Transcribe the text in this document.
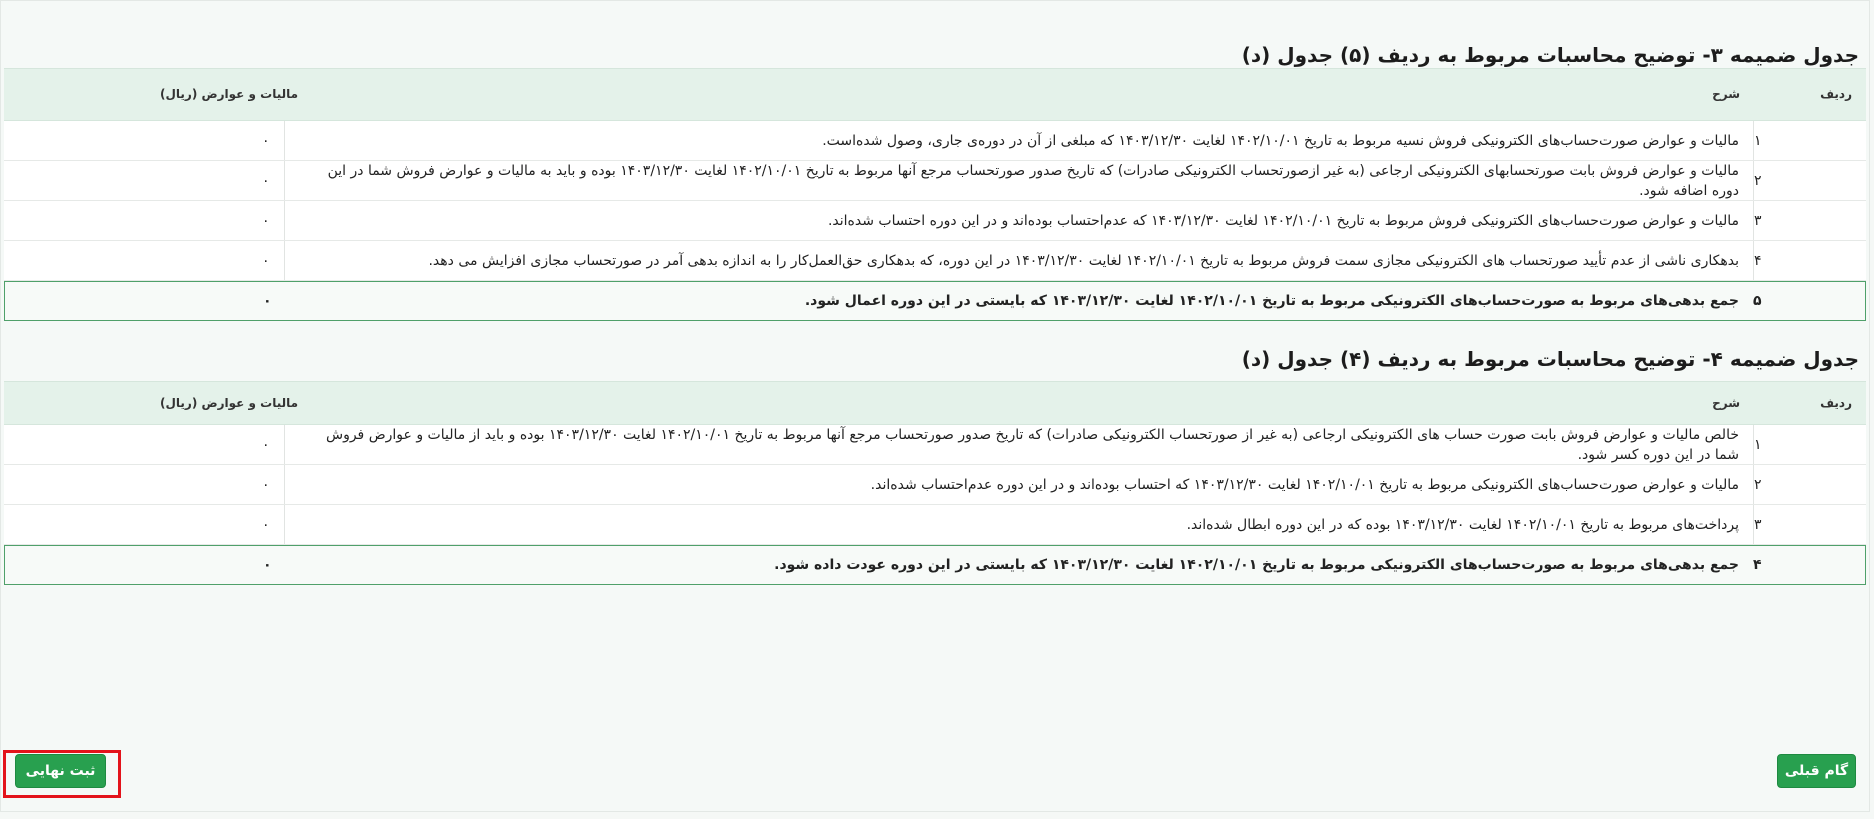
جدول ضمیمه ۳- توضیح محاسبات مربوط به ردیف (۵) جدول (د)
ردیف
شرح
مالیات و عوارض (ریال)
۱
مالیات و عوارض صورت‌حساب‌های الکترونیکی فروش نسیه مربوط به تاریخ ۱۴۰۲/۱۰/۰۱ لغایت ۱۴۰۳/۱۲/۳۰ که مبلغی از آن در دوره‌ی جاری، وصول شده‌است.
۰
۲
مالیات و عوارض فروش بابت صورتحسابهای الکترونیکی ارجاعی (به غیر ازصورتحساب الکترونیکی صادرات) که تاریخ صدور صورتحساب مرجع آنها مربوط به تاریخ ۱۴۰۲/۱۰/۰۱ لغایت ۱۴۰۳/۱۲/۳۰ بوده و باید به مالیات و عوارض فروش شما در این دوره اضافه شود.
۰
۳
مالیات و عوارض صورت‌حساب‌های الکترونیکی فروش مربوط به تاریخ ۱۴۰۲/۱۰/۰۱ لغایت ۱۴۰۳/۱۲/۳۰ که عدم‌احتساب بوده‌اند و در این دوره احتساب شده‌اند.
۰
۴
بدهکاری ناشی از عدم تأیید صورتحساب های الکترونیکی مجازی سمت فروش مربوط به تاریخ ۱۴۰۲/۱۰/۰۱ لغایت ۱۴۰۳/۱۲/۳۰ در این دوره، که بدهکاری حق‌العمل‌کار را به اندازه بدهی آمر در صورتحساب مجازی افزایش می دهد.
۰
۵
جمع بدهی‌های مربوط به صورت‌حساب‌های الکترونیکی مربوط به تاریخ ۱۴۰۲/۱۰/۰۱ لغایت ۱۴۰۳/۱۲/۳۰ که بایستی در این دوره اعمال شود.
۰
جدول ضمیمه ۴- توضیح محاسبات مربوط به ردیف (۴) جدول (د)
ردیف
شرح
مالیات و عوارض (ریال)
۱
خالص مالیات و عوارض فروش بابت صورت حساب های الکترونیکی ارجاعی (به غیر از صورتحساب الکترونیکی صادرات) که تاریخ صدور صورتحساب مرجع آنها مربوط به تاریخ ۱۴۰۲/۱۰/۰۱ لغایت ۱۴۰۳/۱۲/۳۰ بوده و باید از مالیات و عوارض فروش شما در این دوره کسر شود.
۰
۲
مالیات و عوارض صورت‌حساب‌های الکترونیکی مربوط به تاریخ ۱۴۰۲/۱۰/۰۱ لغایت ۱۴۰۳/۱۲/۳۰ که احتساب بوده‌اند و در این دوره عدم‌احتساب شده‌اند.
۰
۳
پرداخت‌های مربوط به تاریخ ۱۴۰۲/۱۰/۰۱ لغایت ۱۴۰۳/۱۲/۳۰ بوده که در این دوره ابطال شده‌اند.
۰
۴
جمع بدهی‌های مربوط به صورت‌حساب‌های الکترونیکی مربوط به تاریخ ۱۴۰۲/۱۰/۰۱ لغایت ۱۴۰۳/۱۲/۳۰ که بایستی در این دوره عودت داده شود.
۰
ثبت نهایی	گام قبلی
